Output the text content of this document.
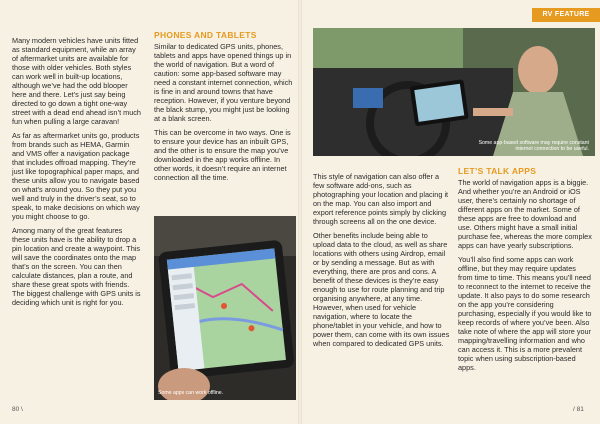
RV FEATURE

Many modern vehicles have units fitted as standard equipment, while an array of aftermarket units are available for those with older vehicles. Both styles can work well in built-up locations, although we’ve had the odd blooper here and there. Let’s just say being directed to go down a tight one-way street with a dead end ahead isn’t much fun when pulling a large caravan!

As far as aftermarket units go, products from brands such as HEMA, Garmin and VMS offer a navigation package that includes offroad mapping. They’re just like topographical paper maps, and these units allow you to navigate based on what’s around you. So they put you well and truly in the driver’s seat, so to speak, to make decisions on which way you might choose to go.

Among many of the great features these units have is the ability to drop a pin location and create a waypoint. This will save the coordinates onto the map that’s on the screen. You can then calculate distances, plan a route, and share these great spots with friends. The biggest challenge with GPS units is deciding which unit is right for you.

PHONES AND TABLETS

Similar to dedicated GPS units, phones, tablets and apps have opened things up in the world of navigation. But a word of caution: some app-based software may need a constant internet connection, which is fine in and around towns that have reception. However, if you venture beyond the black stump, you might just be looking at a blank screen.

This can be overcome in two ways. One is to ensure your device has an inbuilt GPS, and the other is to ensure the map you’ve downloaded in the app works offline. In other words, it doesn’t require an internet connection all the time.

Some apps can work offline.
Some app-based software may require constant internet connection to be useful.

This style of navigation can also offer a few software add-ons, such as photographing your location and placing it on the map. You can also import and export reference points simply by clicking through screens all on the one device.

Other benefits include being able to upload data to the cloud, as well as share locations with others using Airdrop, email or by sending a message. But as with everything, there are pros and cons. A benefit of these devices is they’re easy enough to use for route planning and trip organising anywhere, at any time. However, when used for vehicle navigation, where to locate the phone/tablet in your vehicle, and how to power them, can come with its own issues when compared to dedicated GPS units.

LET’S TALK APPS

The world of navigation apps is a biggie. And whether you’re an Android or iOS user, there’s certainly no shortage of different apps on the market. Some of these apps are free to download and use. Others might have a small initial purchase fee, whereas the more complex apps can have yearly subscriptions.

You’ll also find some apps can work offline, but they may require updates from time to time. This means you’ll need to reconnect to the internet to receive the update. It also pays to do some research on the app you’re considering purchasing, especially if you would like to keep records of where you’ve been. Also take note of where the app will store your mapping/travelling information and who can access it. This is a more prevalent topic when using subscription-based apps.

80 \	/ 81
